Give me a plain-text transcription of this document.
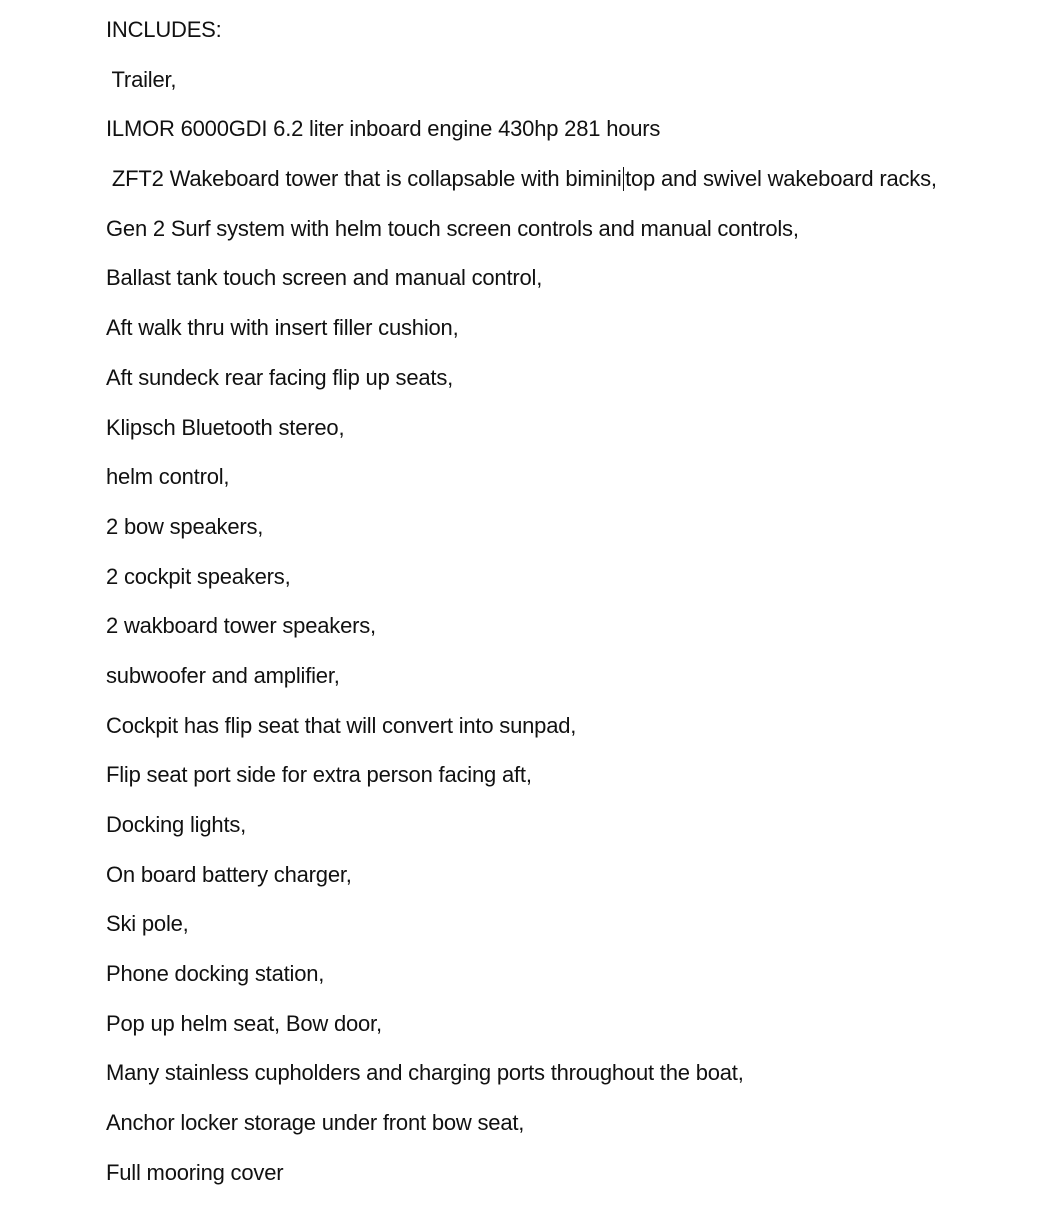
INCLUDES:
Trailer,
ILMOR 6000GDI 6.2 liter inboard engine 430hp 281 hours
ZFT2 Wakeboard tower that is collapsable with bimini top and swivel wakeboard racks,
Gen 2 Surf system with helm touch screen controls and manual controls,
Ballast tank touch screen and manual control,
Aft walk thru with insert filler cushion,
Aft sundeck rear facing flip up seats,
Klipsch Bluetooth stereo,
helm control,
2 bow speakers,
2 cockpit speakers,
2 wakboard tower speakers,
subwoofer and amplifier,
Cockpit has flip seat that will convert into sunpad,
Flip seat port side for extra person facing aft,
Docking lights,
On board battery charger,
Ski pole,
Phone docking station,
Pop up helm seat, Bow door,
Many stainless cupholders and charging ports throughout the boat,
Anchor locker storage under front bow seat,
Full mooring cover
